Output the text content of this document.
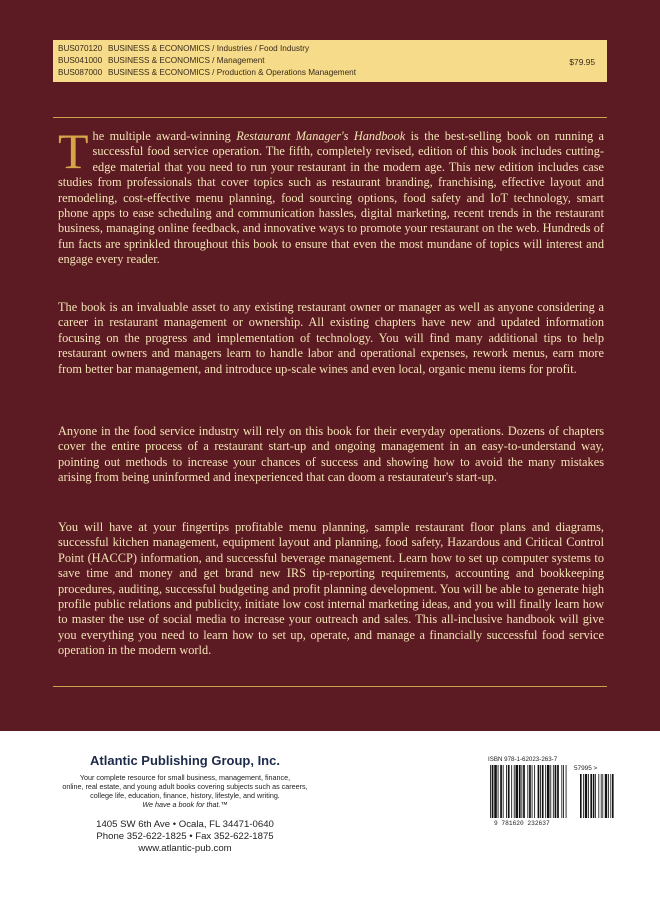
BUS070120 BUSINESS & ECONOMICS / Industries / Food Industry
BUS041000 BUSINESS & ECONOMICS / Management
BUS087000 BUSINESS & ECONOMICS / Production & Operations Management
$79.95

The multiple award-winning Restaurant Manager's Handbook is the best-selling book on running a successful food service operation. The fifth, completely revised, edition of this book includes cutting-edge material that you need to run your restaurant in the modern age. This new edition includes case studies from professionals that cover topics such as restaurant branding, franchising, effective layout and remodeling, cost-effective menu planning, food sourcing options, food safety and IoT technology, smart phone apps to ease scheduling and communication hassles, digital marketing, recent trends in the restaurant business, managing online feedback, and innovative ways to promote your restaurant on the web. Hundreds of fun facts are sprinkled throughout this book to ensure that even the most mundane of topics will interest and engage every reader.

The book is an invaluable asset to any existing restaurant owner or manager as well as anyone considering a career in restaurant management or ownership. All existing chapters have new and updated information focusing on the progress and implementation of technology. You will find many additional tips to help restaurant owners and managers learn to handle labor and operational expenses, rework menus, earn more from better bar management, and introduce up-scale wines and even local, organic menu items for profit.

Anyone in the food service industry will rely on this book for their everyday operations. Dozens of chapters cover the entire process of a restaurant start-up and ongoing management in an easy-to-understand way, pointing out methods to increase your chances of success and showing how to avoid the many mistakes arising from being uninformed and inexperienced that can doom a restaurateur's start-up.

You will have at your fingertips profitable menu planning, sample restaurant floor plans and diagrams, successful kitchen management, equipment layout and planning, food safety, Hazardous and Critical Control Point (HACCP) information, and successful beverage management. Learn how to set up computer systems to save time and money and get brand new IRS tip-reporting requirements, accounting and bookkeeping procedures, auditing, successful budgeting and profit planning development. You will be able to generate high profile public relations and publicity, initiate low cost internal marketing ideas, and you will finally learn how to master the use of social media to increase your outreach and sales. This all-inclusive handbook will give you everything you need to learn how to set up, operate, and manage a financially successful food service operation in the modern world.

Atlantic Publishing Group, Inc.
Your complete resource for small business, management, finance,
online, real estate, and young adult books covering subjects such as careers,
college life, education, finance, history, lifestyle, and writing.
We have a book for that.™
1405 SW 6th Ave • Ocala, FL 34471-0640
Phone 352-622-1825 • Fax 352-622-1875
www.atlantic-pub.com
ISBN 978-1-62023-263-7
57995 >
9 781620 232637
